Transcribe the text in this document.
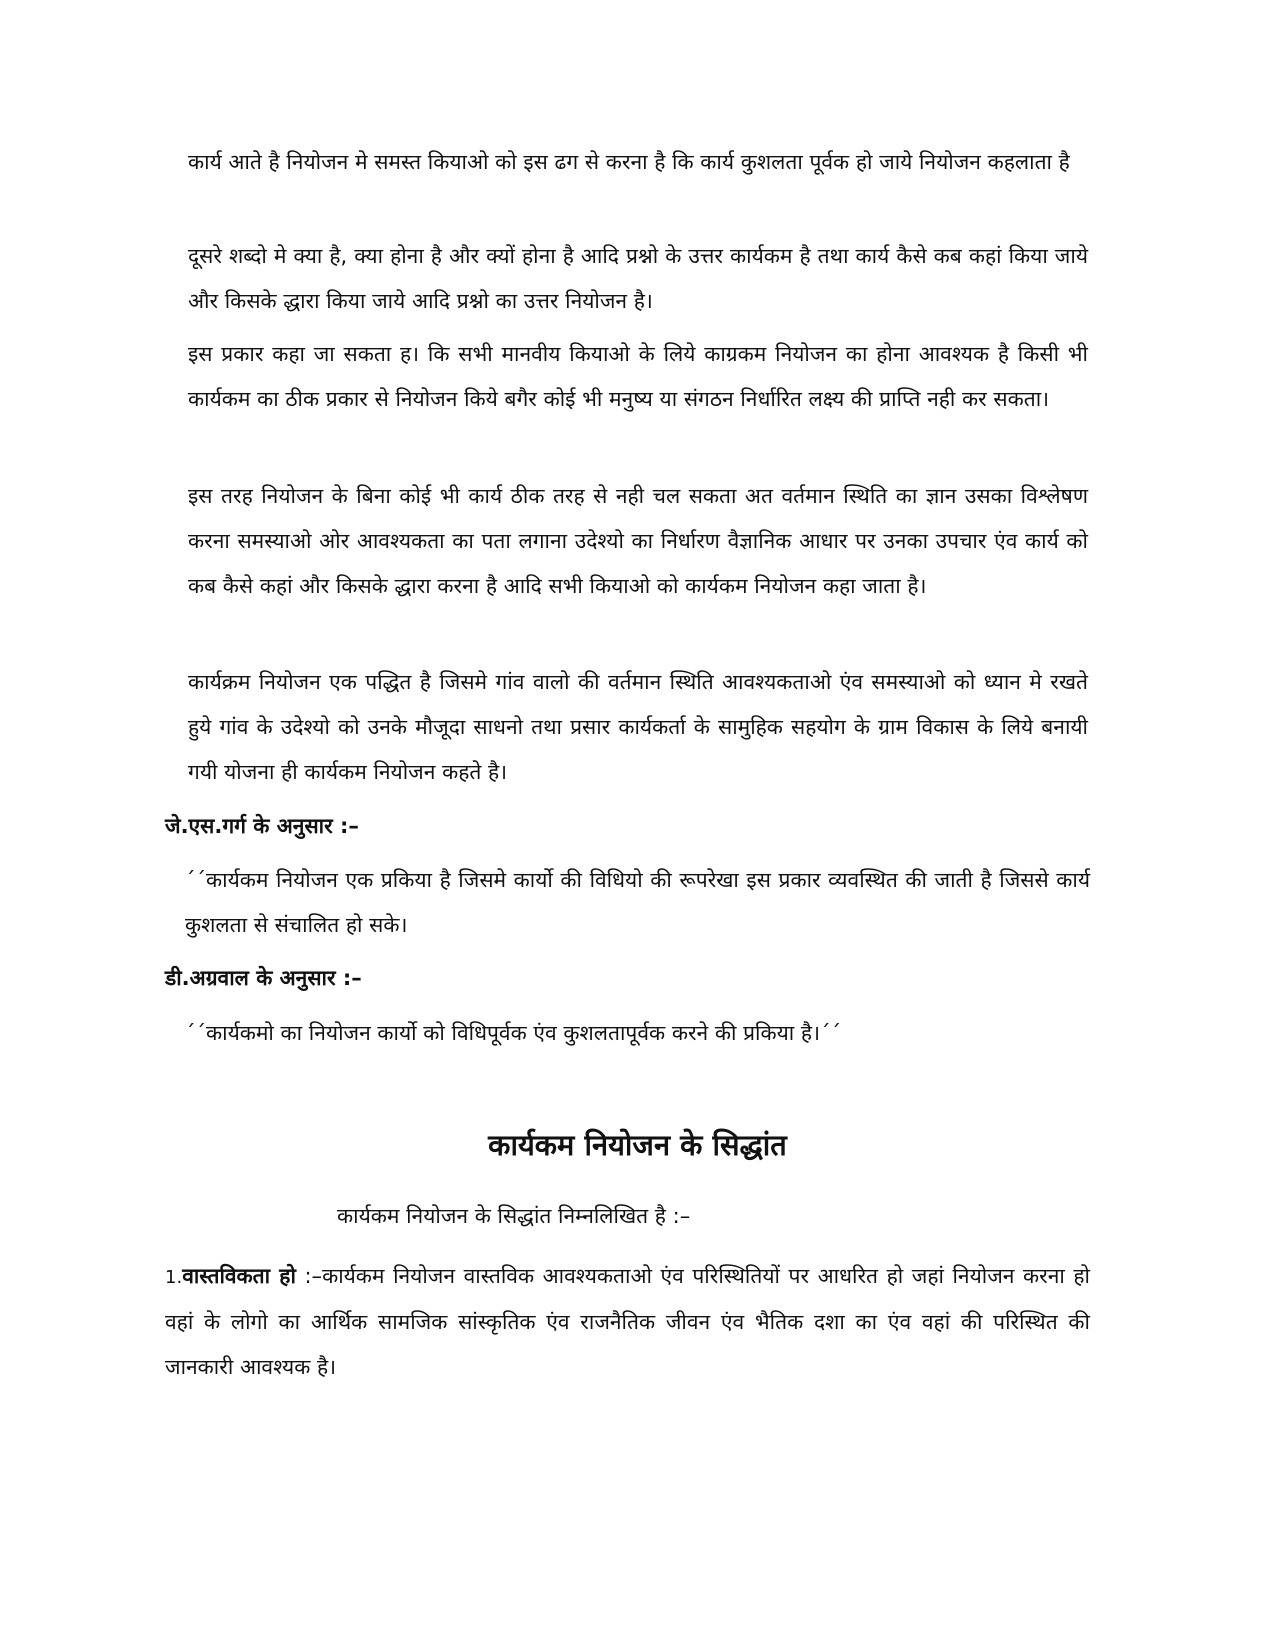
कार्य आते है नियोजन मे समस्त कियाओ को इस ढग से करना है कि कार्य कुशलता पूर्वक हो जाये नियोजन कहलाता है

दूसरे शब्दो मे क्या है, क्या होना है और क्यों होना है आदि प्रश्नो के उत्तर कार्यकम है तथा कार्य कैसे कब कहां किया जाये और किसके द्धारा किया जाये आदि प्रश्नो का उत्तर नियोजन है।

इस प्रकार कहा जा सकता ह। कि सभी मानवीय कियाओ के लिये काग्रकम नियोजन का होना आवश्यक है किसी भी कार्यकम का ठीक प्रकार से नियोजन किये बगैर कोई भी मनुष्य या संगठन निर्धारित लक्ष्य की प्राप्ति नही कर सकता।

इस तरह नियोजन के बिना कोई भी कार्य ठीक तरह से नही चल सकता अत वर्तमान स्थिति का ज्ञान उसका विश्लेषण करना समस्याओ ओर आवश्यकता का पता लगाना उदेश्यो का निर्धारण वैज्ञानिक आधार पर उनका उपचार एंव कार्य को कब कैसे कहां और किसके द्धारा करना है आदि सभी कियाओ को कार्यकम नियोजन कहा जाता है।

कार्यक्रम नियोजन एक पद्धित है जिसमे गांव वालो की वर्तमान स्थिति आवश्यकताओ एंव समस्याओ को ध्यान मे रखते हुये गांव के उदेश्यो को उनके मौजूदा साधनो तथा प्रसार कार्यकर्ता के सामुहिक सहयोग के ग्राम विकास के लिये बनायी गयी योजना ही कार्यकम नियोजन कहते है।

जे.एस.गर्ग के अनुसार :–

´´कार्यकम नियोजन एक प्रकिया है जिसमे कार्यो की विधियो की रूपरेखा इस प्रकार व्यवस्थित की जाती है जिससे कार्य कुशलता से संचालित हो सके।

डी.अग्रवाल के अनुसार :–

´´कार्यकमो का नियोजन कार्यो को विधिपूर्वक एंव कुशलतापूर्वक करने की प्रकिया है।´´

कार्यकम नियोजन के सिद्धांत

कार्यकम नियोजन के सिद्धांत निम्नलिखित है :–

1.वास्तविकता हो :–कार्यकम नियोजन वास्तविक आवश्यकताओ एंव परिस्थितियों पर आधरित हो जहां नियोजन करना हो वहां के लोगो का आर्थिक सामजिक सांस्कृतिक एंव राजनैतिक जीवन एंव भैतिक दशा का एंव वहां की परिस्थित की जानकारी आवश्यक है।
